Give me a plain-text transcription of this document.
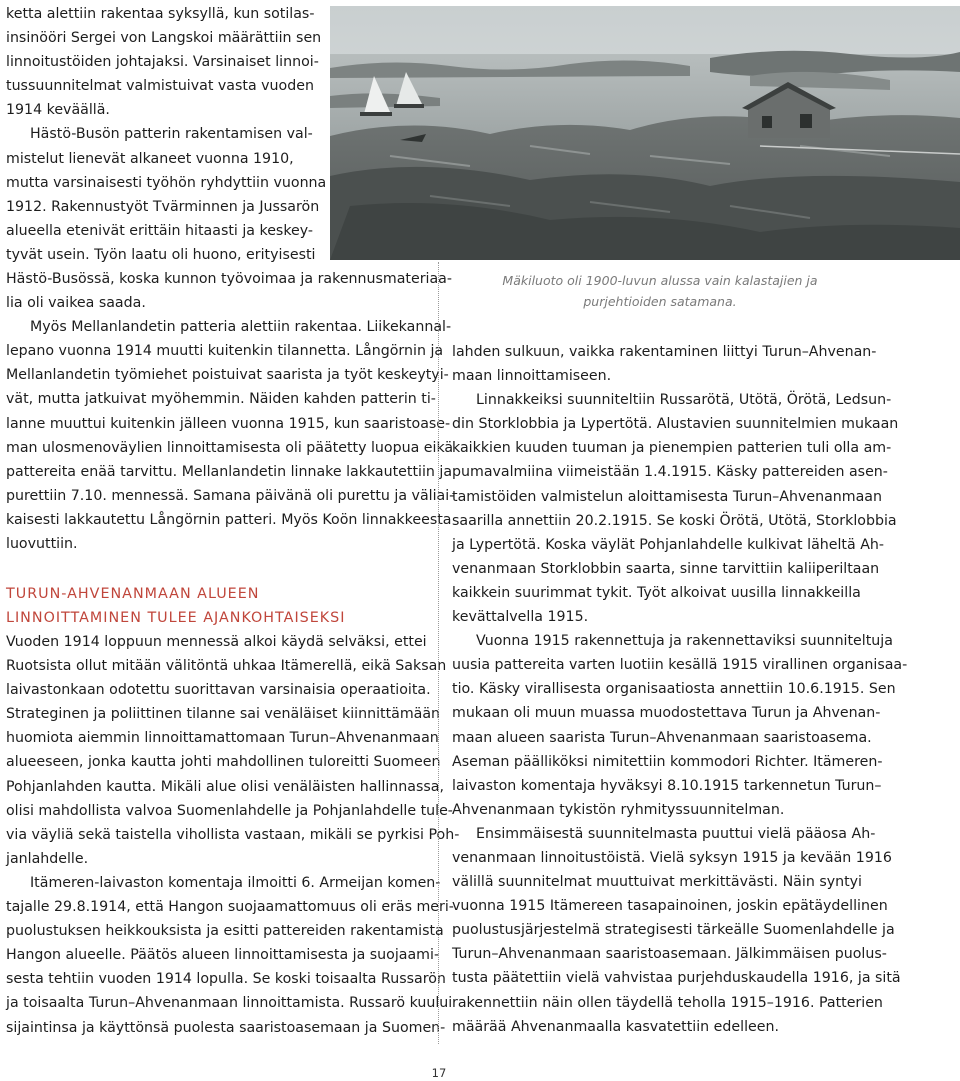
Mäkiluoto oli 1900-luvun alussa vain kalastajien ja
purjehtioiden satamana.
ketta alettiin rakentaa syksyllä, kun sotilas-
insinööri Sergei von Langskoi määrättiin sen
linnoitustöiden johtajaksi. Varsinaiset linnoi-
tussuunnitelmat valmistuivat vasta vuoden
1914 keväällä.
Hästö-Busön patterin rakentamisen val-
mistelut lienevät alkaneet vuonna 1910,
mutta varsinaisesti työhön ryhdyttiin vuonna
1912. Rakennustyöt Tvärminnen ja Jussarön
alueella etenivät erittäin hitaasti ja keskey-
tyvät usein. Työn laatu oli huono, erityisesti
Hästö-Busössä, koska kunnon työvoimaa ja rakennusmateriaa-
lia oli vaikea saada.
Myös Mellanlandetin patteria alettiin rakentaa. Liikekannal-
lepano vuonna 1914 muutti kuitenkin tilannetta. Långörnin ja
Mellanlandetin työmiehet poistuivat saarista ja työt keskeytyi-
vät, mutta jatkuivat myöhemmin. Näiden kahden patterin ti-
lanne muuttui kuitenkin jälleen vuonna 1915, kun saaristoase-
man ulosmenoväylien linnoittamisesta oli päätetty luopua eikä
pattereita enää tarvittu. Mellanlandetin linnake lakkautettiin ja
purettiin 7.10. mennessä. Samana päivänä oli purettu ja väliai-
kaisesti lakkautettu Långörnin patteri. Myös Koön linnakkeesta
luovuttiin.
TURUN-AHVENANMAAN ALUEEN
LINNOITTAMINEN TULEE AJANKOHTAISEKSI
Vuoden 1914 loppuun mennessä alkoi käydä selväksi, ettei
Ruotsista ollut mitään välitöntä uhkaa Itämerellä, eikä Saksan
laivastonkaan odotettu suorittavan varsinaisia operaatioita.
Strateginen ja poliittinen tilanne sai venäläiset kiinnittämään
huomiota aiemmin linnoittamattomaan Turun–Ahvenanmaan
alueeseen, jonka kautta johti mahdollinen tuloreitti Suomeen
Pohjanlahden kautta. Mikäli alue olisi venäläisten hallinnassa,
olisi mahdollista valvoa Suomenlahdelle ja Pohjanlahdelle tule-
via väyliä sekä taistella vihollista vastaan, mikäli se pyrkisi Poh-
janlahdelle.
Itämeren-laivaston komentaja ilmoitti 6. Armeijan komen-
tajalle 29.8.1914, että Hangon suojaamattomuus oli eräs meri-
puolustuksen heikkouksista ja esitti pattereiden rakentamista
Hangon alueelle. Päätös alueen linnoittamisesta ja suojaami-
sesta tehtiin vuoden 1914 lopulla. Se koski toisaalta Russarön
ja toisaalta Turun–Ahvenanmaan linnoittamista. Russarö kuului
sijaintinsa ja käyttönsä puolesta saaristoasemaan ja Suomen-
lahden sulkuun, vaikka rakentaminen liittyi Turun–Ahvenan-
maan linnoittamiseen.
Linnakkeiksi suunniteltiin Russarötä, Utötä, Örötä, Ledsun-
din Storklobbia ja Lypertötä. Alustavien suunnitelmien mukaan
kaikkien kuuden tuuman ja pienempien patterien tuli olla am-
pumavalmiina viimeistään 1.4.1915. Käsky pattereiden asen-
tamistöiden valmistelun aloittamisesta Turun–Ahvenanmaan
saarilla annettiin 20.2.1915. Se koski Örötä, Utötä, Storklobbia
ja Lypertötä. Koska väylät Pohjanlahdelle kulkivat läheltä Ah-
venanmaan Storklobbin saarta, sinne tarvittiin kaliiperiltaan
kaikkein suurimmat tykit. Työt alkoivat uusilla linnakkeilla
kevättalvella 1915.
Vuonna 1915 rakennettuja ja rakennettaviksi suunniteltuja
uusia pattereita varten luotiin kesällä 1915 virallinen organisaa-
tio. Käsky virallisesta organisaatiosta annettiin 10.6.1915. Sen
mukaan oli muun muassa muodostettava Turun ja Ahvenan-
maan alueen saarista Turun–Ahvenanmaan saaristoasema.
Aseman päälliköksi nimitettiin kommodori Richter. Itämeren-
laivaston komentaja hyväksyi 8.10.1915 tarkennetun Turun–
Ahvenanmaan tykistön ryhmityssuunnitelman.
Ensimmäisestä suunnitelmasta puuttui vielä pääosa Ah-
venanmaan linnoitustöistä. Vielä syksyn 1915 ja kevään 1916
välillä suunnitelmat muuttuivat merkittävästi. Näin syntyi
vuonna 1915 Itämereen tasapainoinen, joskin epätäydellinen
puolustusjärjestelmä strategisesti tärkeälle Suomenlahdelle ja
Turun–Ahvenanmaan saaristoasemaan. Jälkimmäisen puolus-
tusta päätettiin vielä vahvistaa purjehduskaudella 1916, ja sitä
rakennettiin näin ollen täydellä teholla 1915–1916. Patterien
määrää Ahvenanmaalla kasvatettiin edelleen.
17
